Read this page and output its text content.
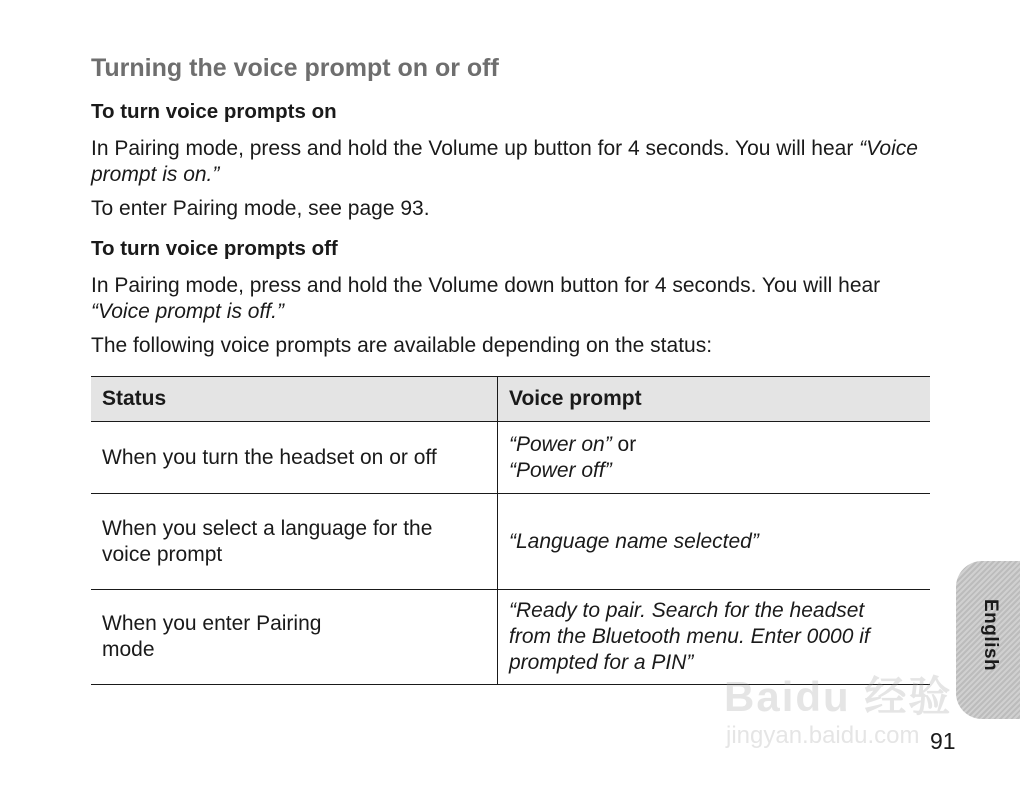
Turning the voice prompt on or off
To turn voice prompts on

In Pairing mode, press and hold the Volume up button for 4 seconds. You will hear “Voice prompt is on.”

To enter Pairing mode, see page 93.

To turn voice prompts off

In Pairing mode, press and hold the Volume down button for 4 seconds. You will hear “Voice prompt is off.”

The following voice prompts are available depending on the status:

Status	Voice prompt
When you turn the headset on or off	“Power on” or
“Power off”
When you select a language for the voice prompt	“Language name selected”
When you enter Pairing mode	“Ready to pair. Search for the headset from the Bluetooth menu. Enter 0000 if prompted for a PIN”	English
Baidu 经验
jingyan.baidu.com 91
